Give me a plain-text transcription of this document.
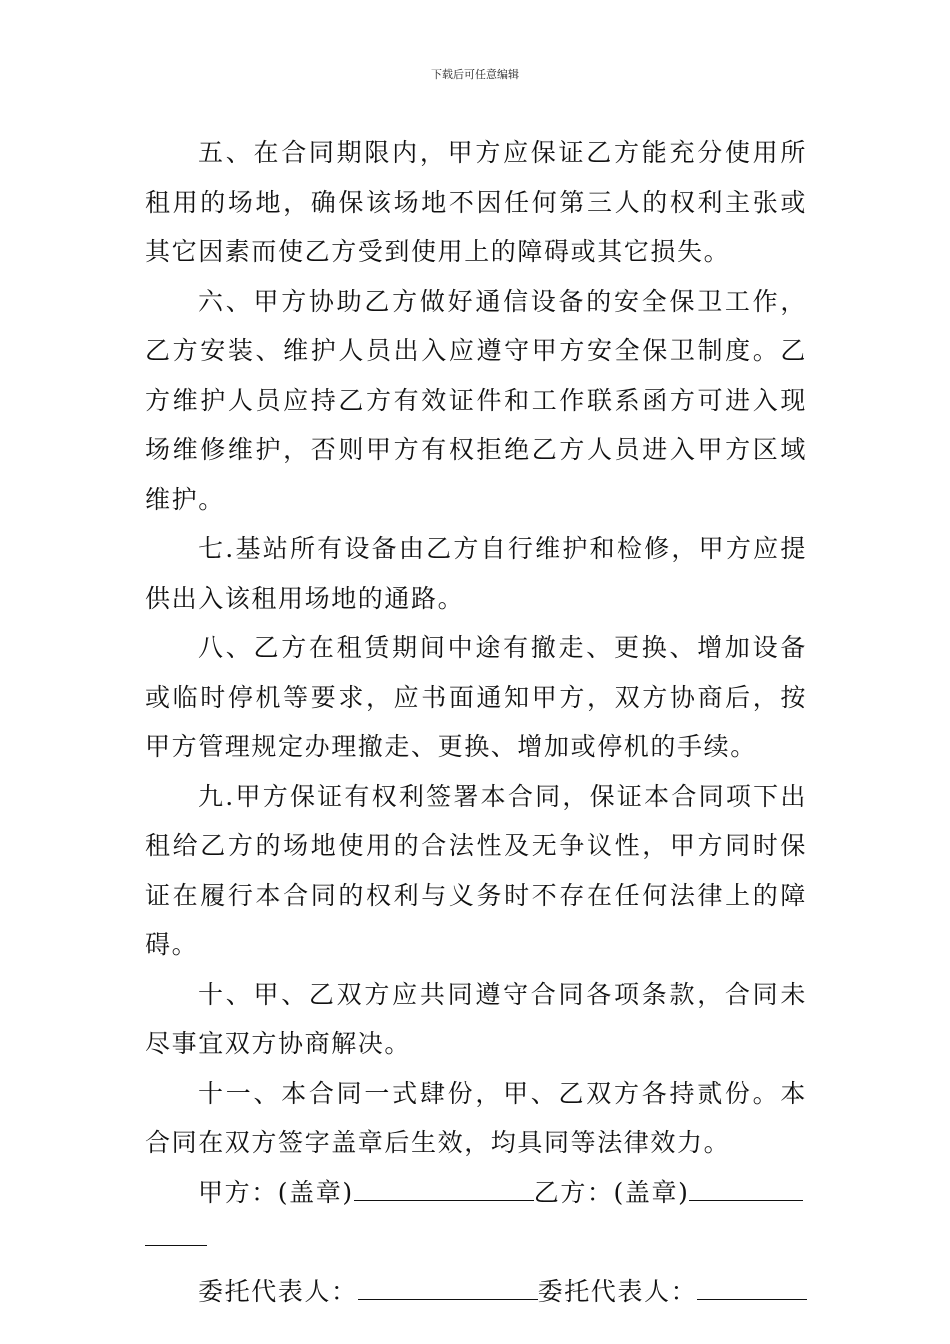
下载后可任意编辑

五、在合同期限内，甲方应保证乙方能充分使用所租用的场地，确保该场地不因任何第三人的权利主张或其它因素而使乙方受到使用上的障碍或其它损失。

六、甲方协助乙方做好通信设备的安全保卫工作，乙方安装、维护人员出入应遵守甲方安全保卫制度。乙方维护人员应持乙方有效证件和工作联系函方可进入现场维修维护，否则甲方有权拒绝乙方人员进入甲方区域维护。

七.基站所有设备由乙方自行维护和检修，甲方应提供出入该租用场地的通路。

八、乙方在租赁期间中途有撤走、更换、增加设备或临时停机等要求，应书面通知甲方，双方协商后，按甲方管理规定办理撤走、更换、增加或停机的手续。

九.甲方保证有权利签署本合同，保证本合同项下出租给乙方的场地使用的合法性及无争议性，甲方同时保证在履行本合同的权利与义务时不存在任何法律上的障碍。

十、甲、乙双方应共同遵守合同各项条款，合同未尽事宜双方协商解决。

十一、本合同一式肆份，甲、乙双方各持贰份。本合同在双方签字盖章后生效，均具同等法律效力。

甲方：(盖章)	乙方：(盖章)
委托代表人：	委托代表人：
